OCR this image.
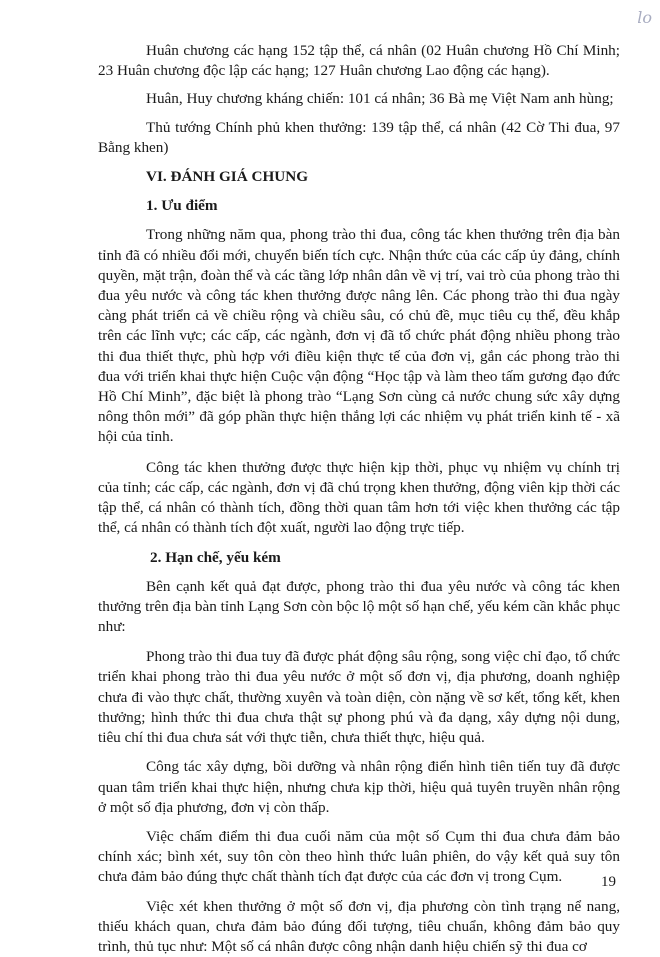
lo

Huân chương các hạng 152 tập thể, cá nhân (02 Huân chương Hồ Chí Minh; 23 Huân chương độc lập các hạng; 127 Huân chương Lao động các hạng).

Huân, Huy chương kháng chiến: 101 cá nhân; 36 Bà mẹ Việt Nam anh hùng;

Thủ tướng Chính phủ khen thưởng: 139 tập thể, cá nhân (42 Cờ Thi đua, 97 Bằng khen)

VI. ĐÁNH GIÁ CHUNG

1. Ưu điểm

Trong những năm qua, phong trào thi đua, công tác khen thưởng trên địa bàn tỉnh đã có nhiều đổi mới, chuyển biến tích cực. Nhận thức của các cấp ủy đảng, chính quyền, mặt trận, đoàn thể và các tầng lớp nhân dân về vị trí, vai trò của phong trào thi đua yêu nước và công tác khen thưởng được nâng lên. Các phong trào thi đua ngày càng phát triển cả về chiều rộng và chiều sâu, có chủ đề, mục tiêu cụ thể, đều khắp trên các lĩnh vực; các cấp, các ngành, đơn vị đã tổ chức phát động nhiều phong trào thi đua thiết thực, phù hợp với điều kiện thực tế của đơn vị, gắn các phong trào thi đua với triển khai thực hiện Cuộc vận động “Học tập và làm theo tấm gương đạo đức Hồ Chí Minh”, đặc biệt là phong trào “Lạng Sơn cùng cả nước chung sức xây dựng nông thôn mới” đã góp phần thực hiện thắng lợi các nhiệm vụ phát triển kinh tế - xã hội của tỉnh.

Công tác khen thưởng được thực hiện kịp thời, phục vụ nhiệm vụ chính trị của tỉnh; các cấp, các ngành, đơn vị đã chú trọng khen thưởng, động viên kịp thời các tập thể, cá nhân có thành tích, đồng thời quan tâm hơn tới việc khen thưởng các tập thể, cá nhân có thành tích đột xuất, người lao động trực tiếp.

2. Hạn chế, yếu kém

Bên cạnh kết quả đạt được, phong trào thi đua yêu nước và công tác khen thưởng trên địa bàn tỉnh Lạng Sơn còn bộc lộ một số hạn chế, yếu kém cần khắc phục như:

Phong trào thi đua tuy đã được phát động sâu rộng, song việc chỉ đạo, tổ chức triển khai phong trào thi đua yêu nước ở một số đơn vị, địa phương, doanh nghiệp chưa đi vào thực chất, thường xuyên và toàn diện, còn nặng về sơ kết, tổng kết, khen thưởng; hình thức thi đua chưa thật sự phong phú và đa dạng, xây dựng nội dung, tiêu chí thi đua chưa sát với thực tiễn, chưa thiết thực, hiệu quả.

Công tác xây dựng, bồi dưỡng và nhân rộng điển hình tiên tiến tuy đã được quan tâm triển khai thực hiện, nhưng chưa kịp thời, hiệu quả tuyên truyền nhân rộng ở một số địa phương, đơn vị còn thấp.

Việc chấm điểm thi đua cuối năm của một số Cụm thi đua chưa đảm bảo chính xác; bình xét, suy tôn còn theo hình thức luân phiên, do vậy kết quả suy tôn chưa đảm bảo đúng thực chất thành tích đạt được của các đơn vị trong Cụm.

Việc xét khen thưởng ở một số đơn vị, địa phương còn tình trạng nể nang, thiếu khách quan, chưa đảm bảo đúng đối tượng, tiêu chuẩn, không đảm bảo quy trình, thủ tục như: Một số cá nhân được công nhận danh hiệu chiến sỹ thi đua cơ

19
